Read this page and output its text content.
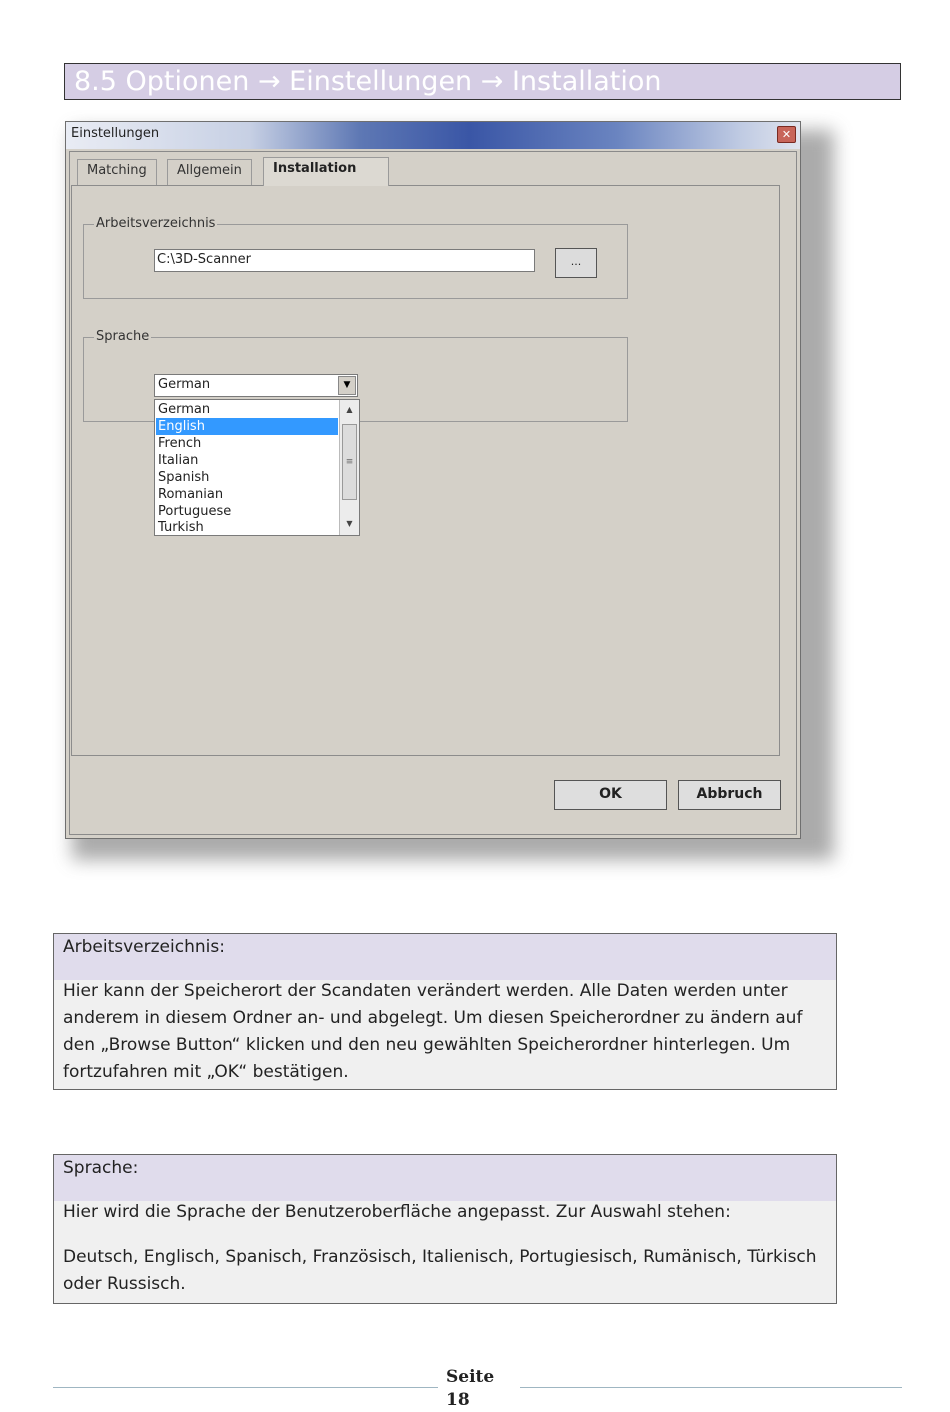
8.5 Optionen → Einstellungen → Installation
Einstellungen	✕
Matching	Allgemein	Installation
Arbeitsverzeichnis
C:\3D-Scanner	...
Sprache
German	▼
German
English
French
Italian
Spanish
Romanian
Portuguese
Turkish
▲
≡
▼
OK	Abbruch
Arbeitsverzeichnis:
Hier kann der Speicherort der Scandaten verändert werden. Alle Daten werden unter anderem in diesem Ordner an- und abgelegt. Um diesen Speicherordner zu ändern auf den „Browse Button“ klicken und den neu gewählten Speicherordner hinterlegen. Um fortzufahren mit „OK“ bestätigen.
Sprache:
Hier wird die Sprache der Benutzeroberfläche angepasst. Zur Auswahl stehen:
Deutsch, Englisch, Spanisch, Französisch, Italienisch, Portugiesisch, Rumänisch, Türkisch oder Russisch.
Seite
18
